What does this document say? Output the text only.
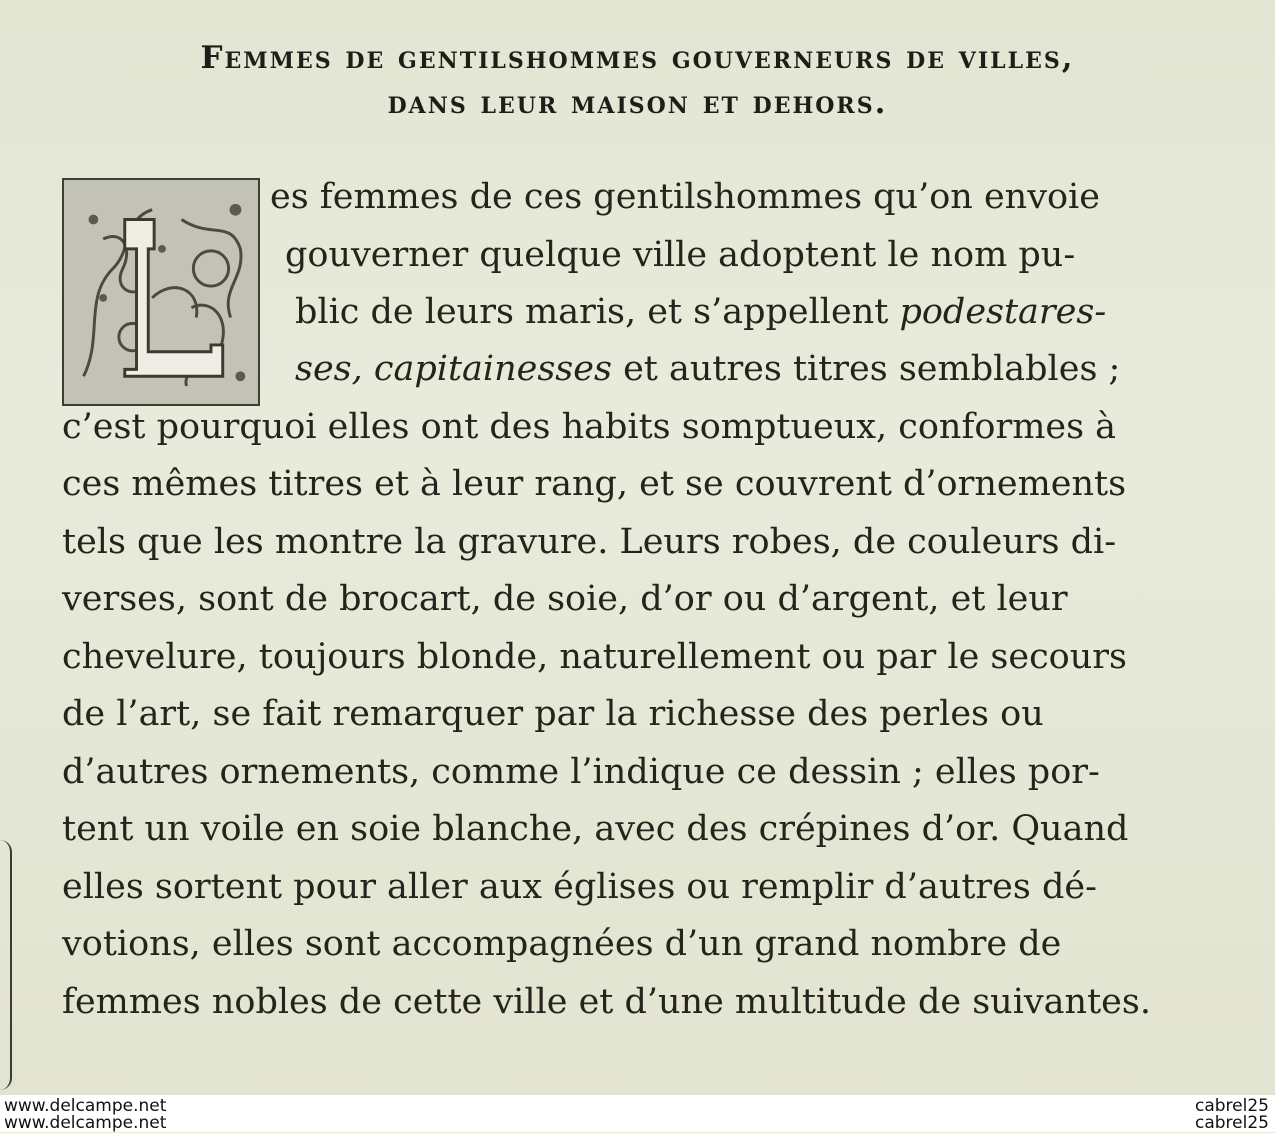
Femmes de gentilshommes gouverneurs de villes,
dans leur maison et dehors.
es femmes de ces gentilshommes qu’on envoie
gouverner quelque ville adoptent le nom pu-
blic de leurs maris, et s’appellent podestares-
ses, capitainesses et autres titres semblables ;
c’est pourquoi elles ont des habits somptueux, conformes à
ces mêmes titres et à leur rang, et se couvrent d’ornements
tels que les montre la gravure. Leurs robes, de couleurs di-
verses, sont de brocart, de soie, d’or ou d’argent, et leur
chevelure, toujours blonde, naturellement ou par le secours
de l’art, se fait remarquer par la richesse des perles ou
d’autres ornements, comme l’indique ce dessin ; elles por-
tent un voile en soie blanche, avec des crépines d’or. Quand
elles sortent pour aller aux églises ou remplir d’autres dé-
votions, elles sont accompagnées d’un grand nombre de
femmes nobles de cette ville et d’une multitude de suivantes.
www.delcampe.net
www.delcampe.net
cabrel25
cabrel25
